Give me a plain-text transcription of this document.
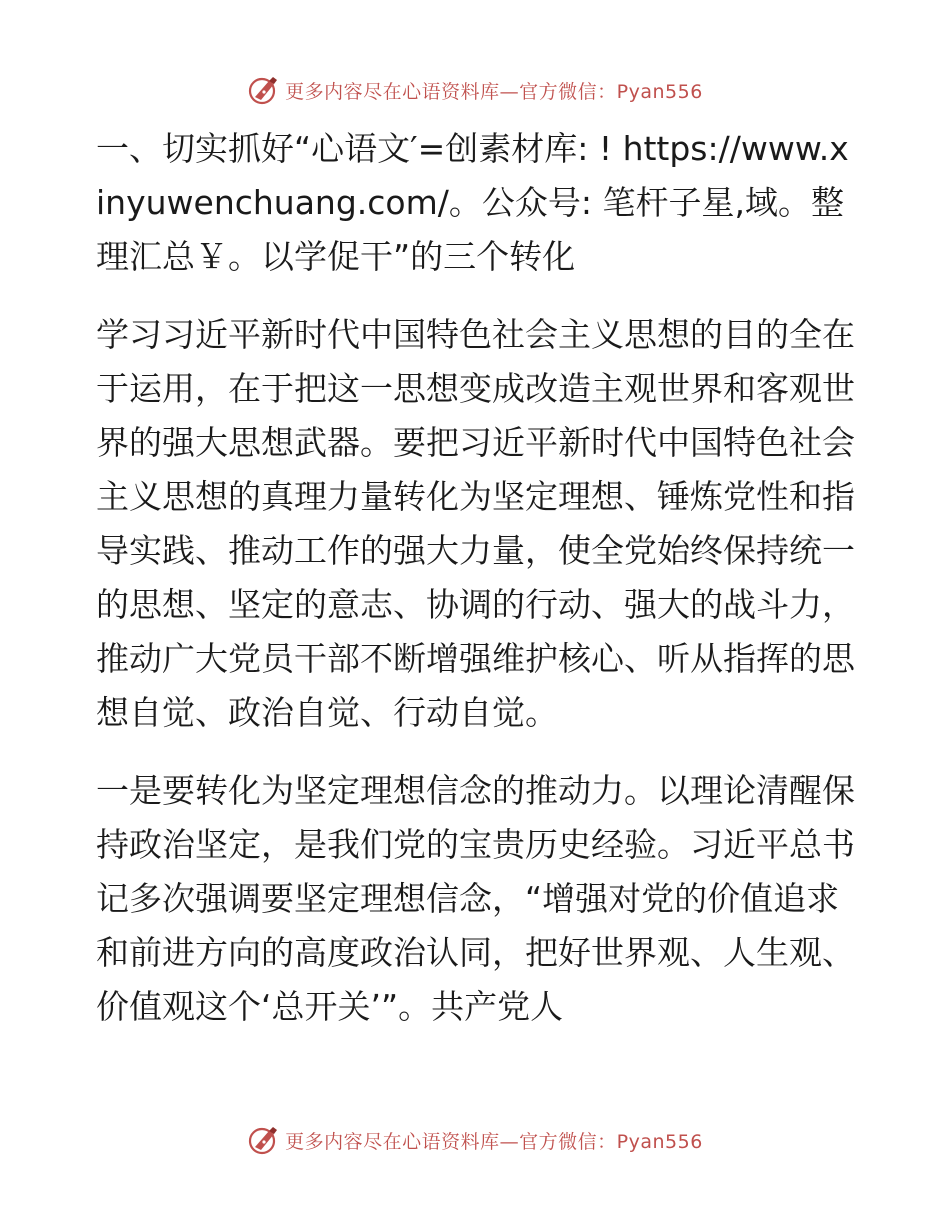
更多内容尽在心语资料库—官方微信：Pyan556

一、切实抓好“心语文′=创素材库: ! https://www.xinyuwenchuang.com/。公众号: 笔杆子星,域。整理汇总￥。以学促干”的三个转化

学习习近平新时代中国特色社会主义思想的目的全在于运用，在于把这一思想变成改造主观世界和客观世界的强大思想武器。要把习近平新时代中国特色社会主义思想的真理力量转化为坚定理想、锤炼党性和指导实践、推动工作的强大力量，使全党始终保持统一的思想、坚定的意志、协调的行动、强大的战斗力，推动广大党员干部不断增强维护核心、听从指挥的思想自觉、政治自觉、行动自觉。

一是要转化为坚定理想信念的推动力。以理论清醒保持政治坚定，是我们党的宝贵历史经验。习近平总书记多次强调要坚定理想信念，“增强对党的价值追求和前进方向的高度政治认同，把好世界观、人生观、价值观这个‘总开关’”。共产党人

更多内容尽在心语资料库—官方微信：Pyan556
